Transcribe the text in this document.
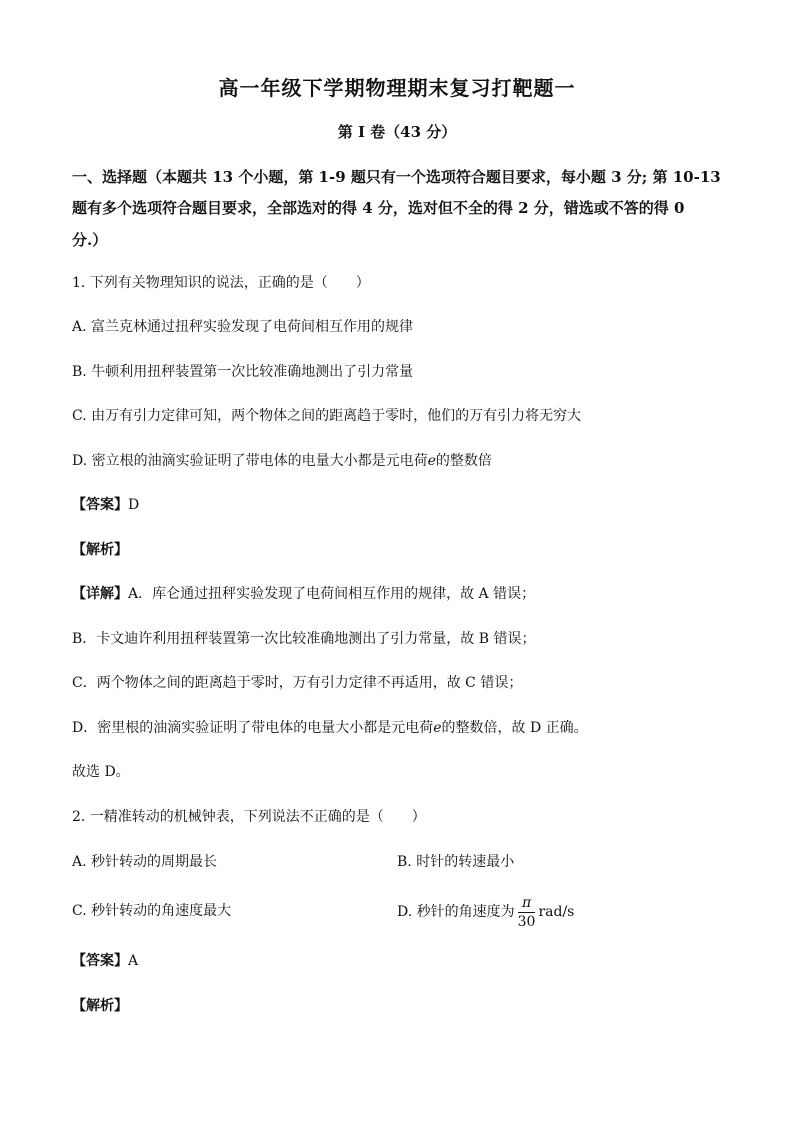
高一年级下学期物理期末复习打靶题一
第 I 卷（43 分）
一、选择题（本题共 13 个小题，第 1-9 题只有一个选项符合题目要求，每小题 3 分; 第 10-13
题有多个选项符合题目要求，全部选对的得 4 分，选对但不全的得 2 分，错选或不答的得 0
分.）
1. 下列有关物理知识的说法，正确的是（　　）
A. 富兰克林通过扭秤实验发现了电荷间相互作用的规律
B. 牛顿利用扭秤装置第一次比较准确地测出了引力常量
C. 由万有引力定律可知，两个物体之间的距离趋于零时，他们的万有引力将无穷大
D. 密立根的油滴实验证明了带电体的电量大小都是元电荷e的整数倍
【答案】D
【解析】
【详解】A．库仑通过扭秤实验发现了电荷间相互作用的规律，故 A 错误；
B．卡文迪许利用扭秤装置第一次比较准确地测出了引力常量，故 B 错误；
C．两个物体之间的距离趋于零时，万有引力定律不再适用，故 C 错误；
D．密里根的油滴实验证明了带电体的电量大小都是元电荷e的整数倍，故 D 正确。
故选 D。
2. 一精准转动的机械钟表，下列说法不正确的是（　　）
A. 秒针转动的周期最长	B. 时针的转速最小
C. 秒针转动的角速度最大	D. 秒针的角速度为 $\frac{\pi}{30} rad/s$
【答案】A
【解析】
